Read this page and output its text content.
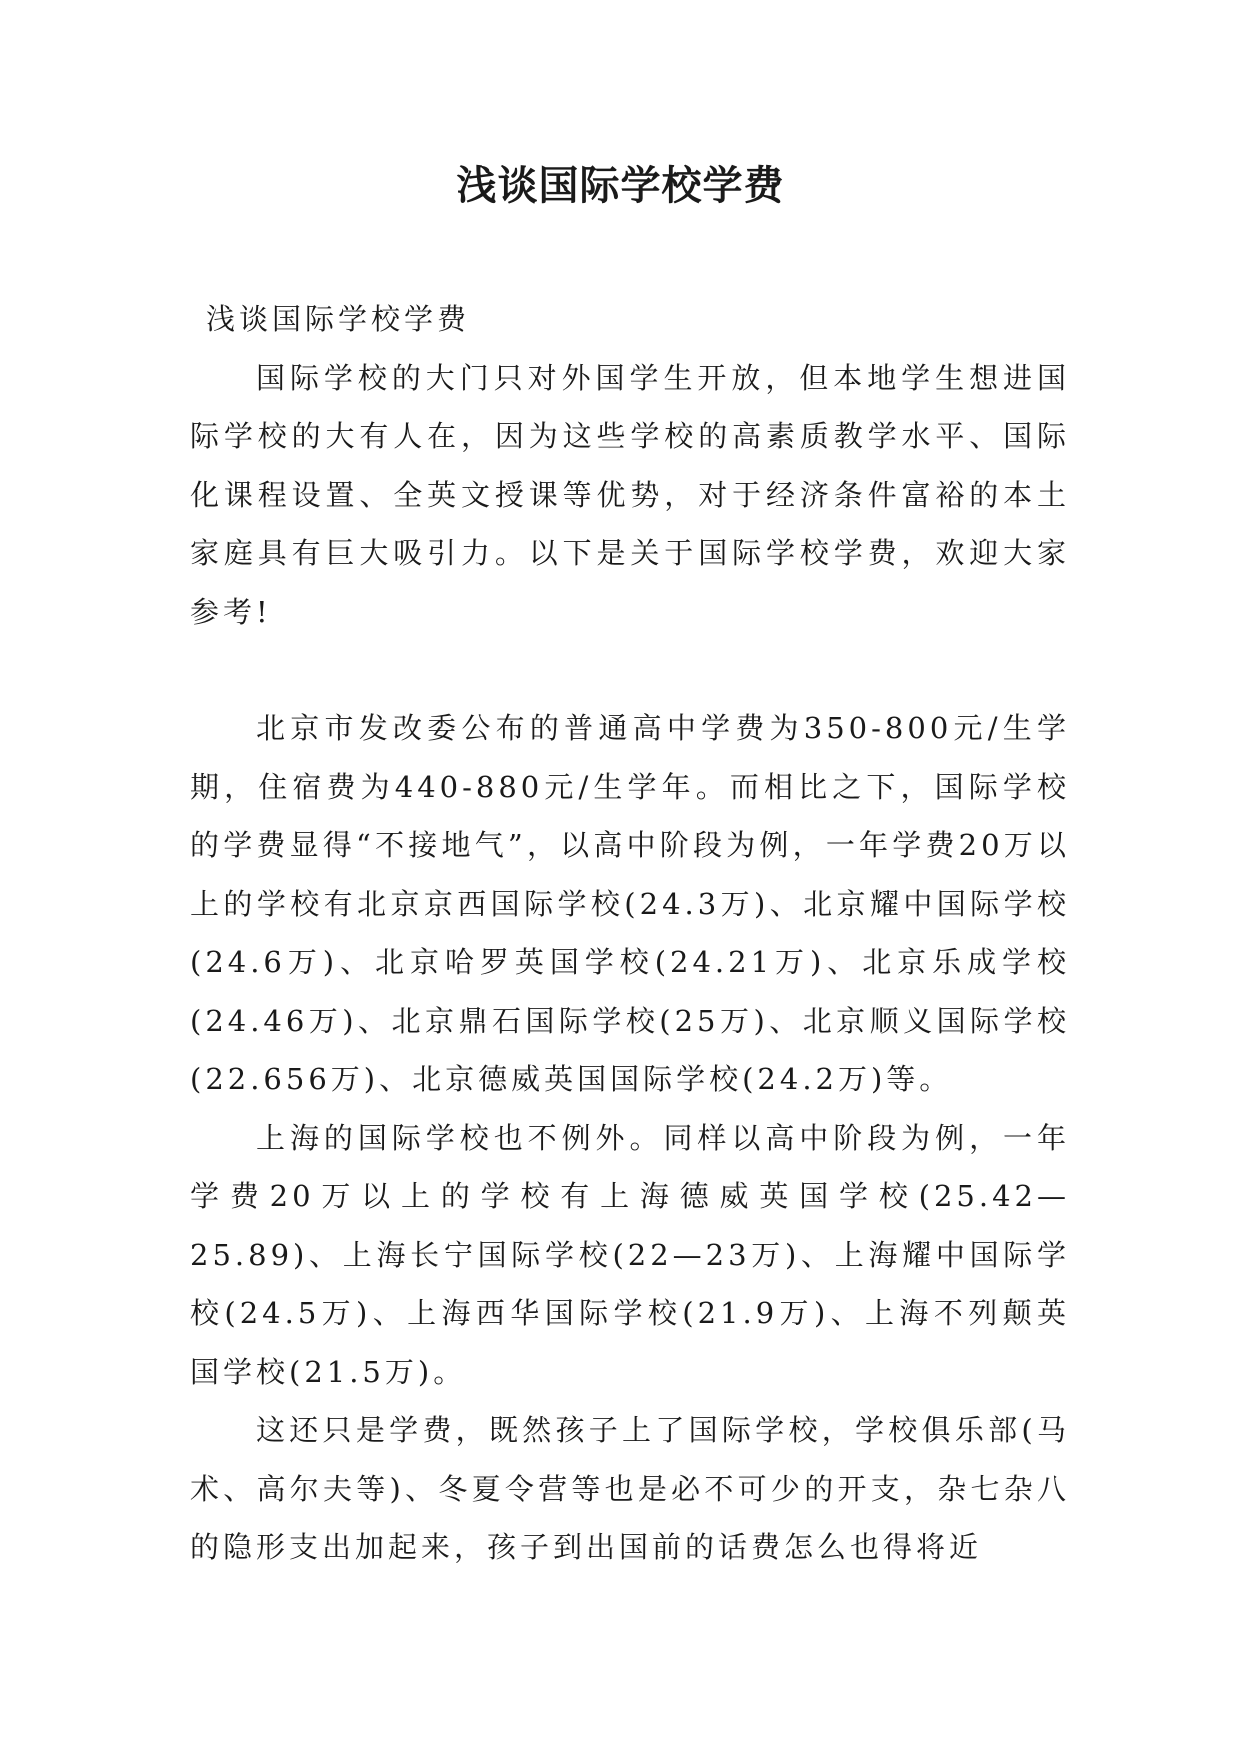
浅谈国际学校学费

浅谈国际学校学费

国际学校的大门只对外国学生开放，但本地学生想进国际学校的大有人在，因为这些学校的高素质教学水平、国际化课程设置、全英文授课等优势，对于经济条件富裕的本土家庭具有巨大吸引力。以下是关于国际学校学费，欢迎大家参考!

北京市发改委公布的普通高中学费为350-800元/生学期，住宿费为440-880元/生学年。而相比之下，国际学校的学费显得“不接地气”，以高中阶段为例，一年学费20万以上的学校有北京京西国际学校(24.3万)、北京耀中国际学校(24.6万)、北京哈罗英国学校(24.21万)、北京乐成学校(24.46万)、北京鼎石国际学校(25万)、北京顺义国际学校(22.656万)、北京德威英国国际学校(24.2万)等。

上海的国际学校也不例外。同样以高中阶段为例，一年学费20万以上的学校有上海德威英国学校(25.42—25.89)、上海长宁国际学校(22—23万)、上海耀中国际学校(24.5万)、上海西华国际学校(21.9万)、上海不列颠英国学校(21.5万)。

这还只是学费，既然孩子上了国际学校，学校俱乐部(马术、高尔夫等)、冬夏令营等也是必不可少的开支，杂七杂八的隐形支出加起来，孩子到出国前的话费怎么也得将近
